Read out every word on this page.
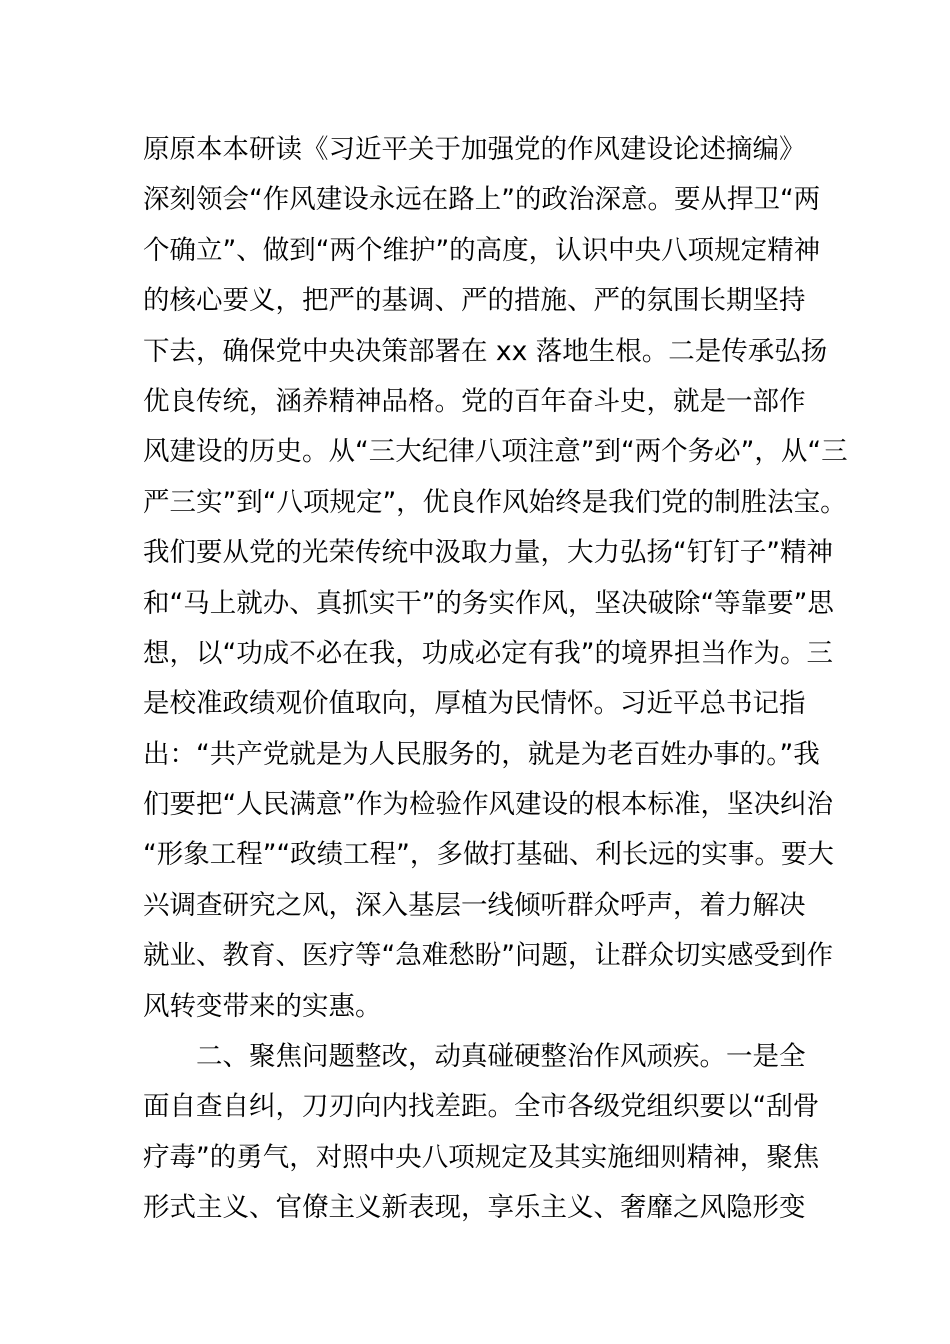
原原本本研读《习近平关于加强党的作风建设论述摘编》
深刻领会“作风建设永远在路上”的政治深意。要从捍卫“两
个确立”、做到“两个维护”的高度，认识中央八项规定精神
的核心要义，把严的基调、严的措施、严的氛围长期坚持
下去，确保党中央决策部署在 xx 落地生根。二是传承弘扬
优良传统，涵养精神品格。党的百年奋斗史，就是一部作
风建设的历史。从“三大纪律八项注意”到“两个务必”，从“三
严三实”到“八项规定”，优良作风始终是我们党的制胜法宝。
我们要从党的光荣传统中汲取力量，大力弘扬“钉钉子”精神
和“马上就办、真抓实干”的务实作风，坚决破除“等靠要”思
想，以“功成不必在我，功成必定有我”的境界担当作为。三
是校准政绩观价值取向，厚植为民情怀。习近平总书记指
出：“共产党就是为人民服务的，就是为老百姓办事的。”我
们要把“人民满意”作为检验作风建设的根本标准，坚决纠治
“形象工程”“政绩工程”，多做打基础、利长远的实事。要大
兴调查研究之风，深入基层一线倾听群众呼声，着力解决
就业、教育、医疗等“急难愁盼”问题，让群众切实感受到作
风转变带来的实惠。
二、聚焦问题整改，动真碰硬整治作风顽疾。一是全
面自查自纠，刀刃向内找差距。全市各级党组织要以“刮骨
疗毒”的勇气，对照中央八项规定及其实施细则精神，聚焦
形式主义、官僚主义新表现，享乐主义、奢靡之风隐形变
